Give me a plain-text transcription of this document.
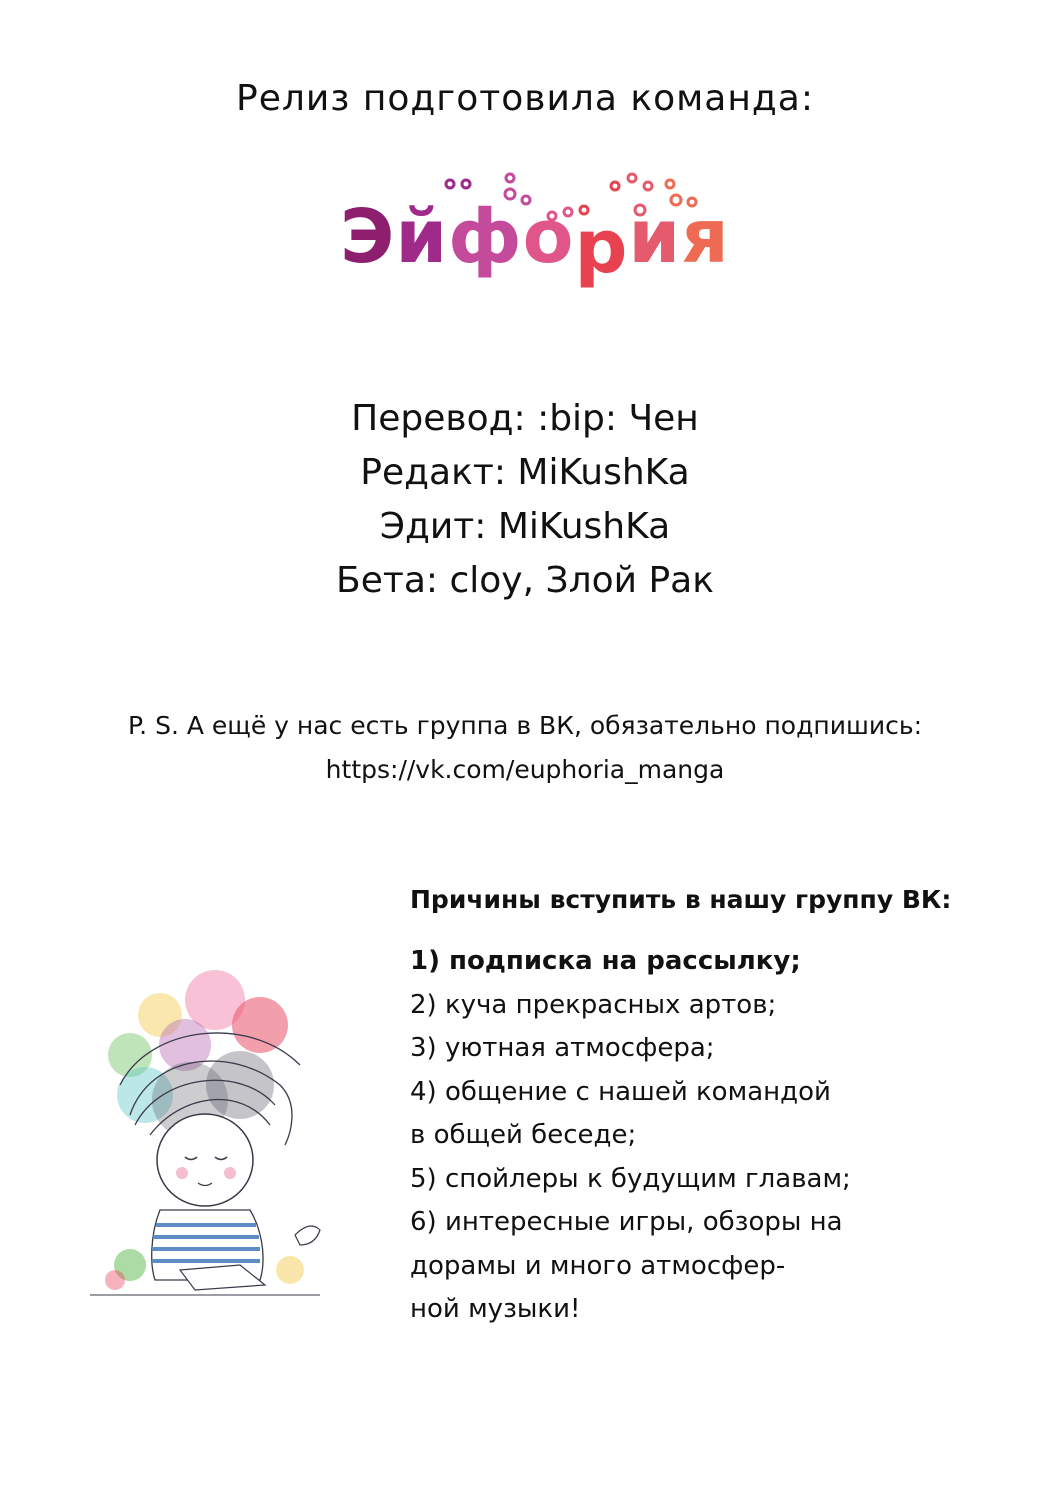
Релиз подготовила команда:
Эйфория
Перевод: :bip: Чен
Редакт: MiKushKa
Эдит: MiKushKa
Бета: cloy, Злой Рак
P. S. А ещё у нас есть группа в ВК, обязательно подпишись:
https://vk.com/euphoria_manga
Причины вступить в нашу группу ВК:
1) подписка на рассылку;
2) куча прекрасных артов;
3) уютная атмосфера;
4) общение с нашей командой
в общей беседе;
5) спойлеры к будущим главам;
6) интересные игры, обзоры на
дорамы и много атмосфер-
ной музыки!
